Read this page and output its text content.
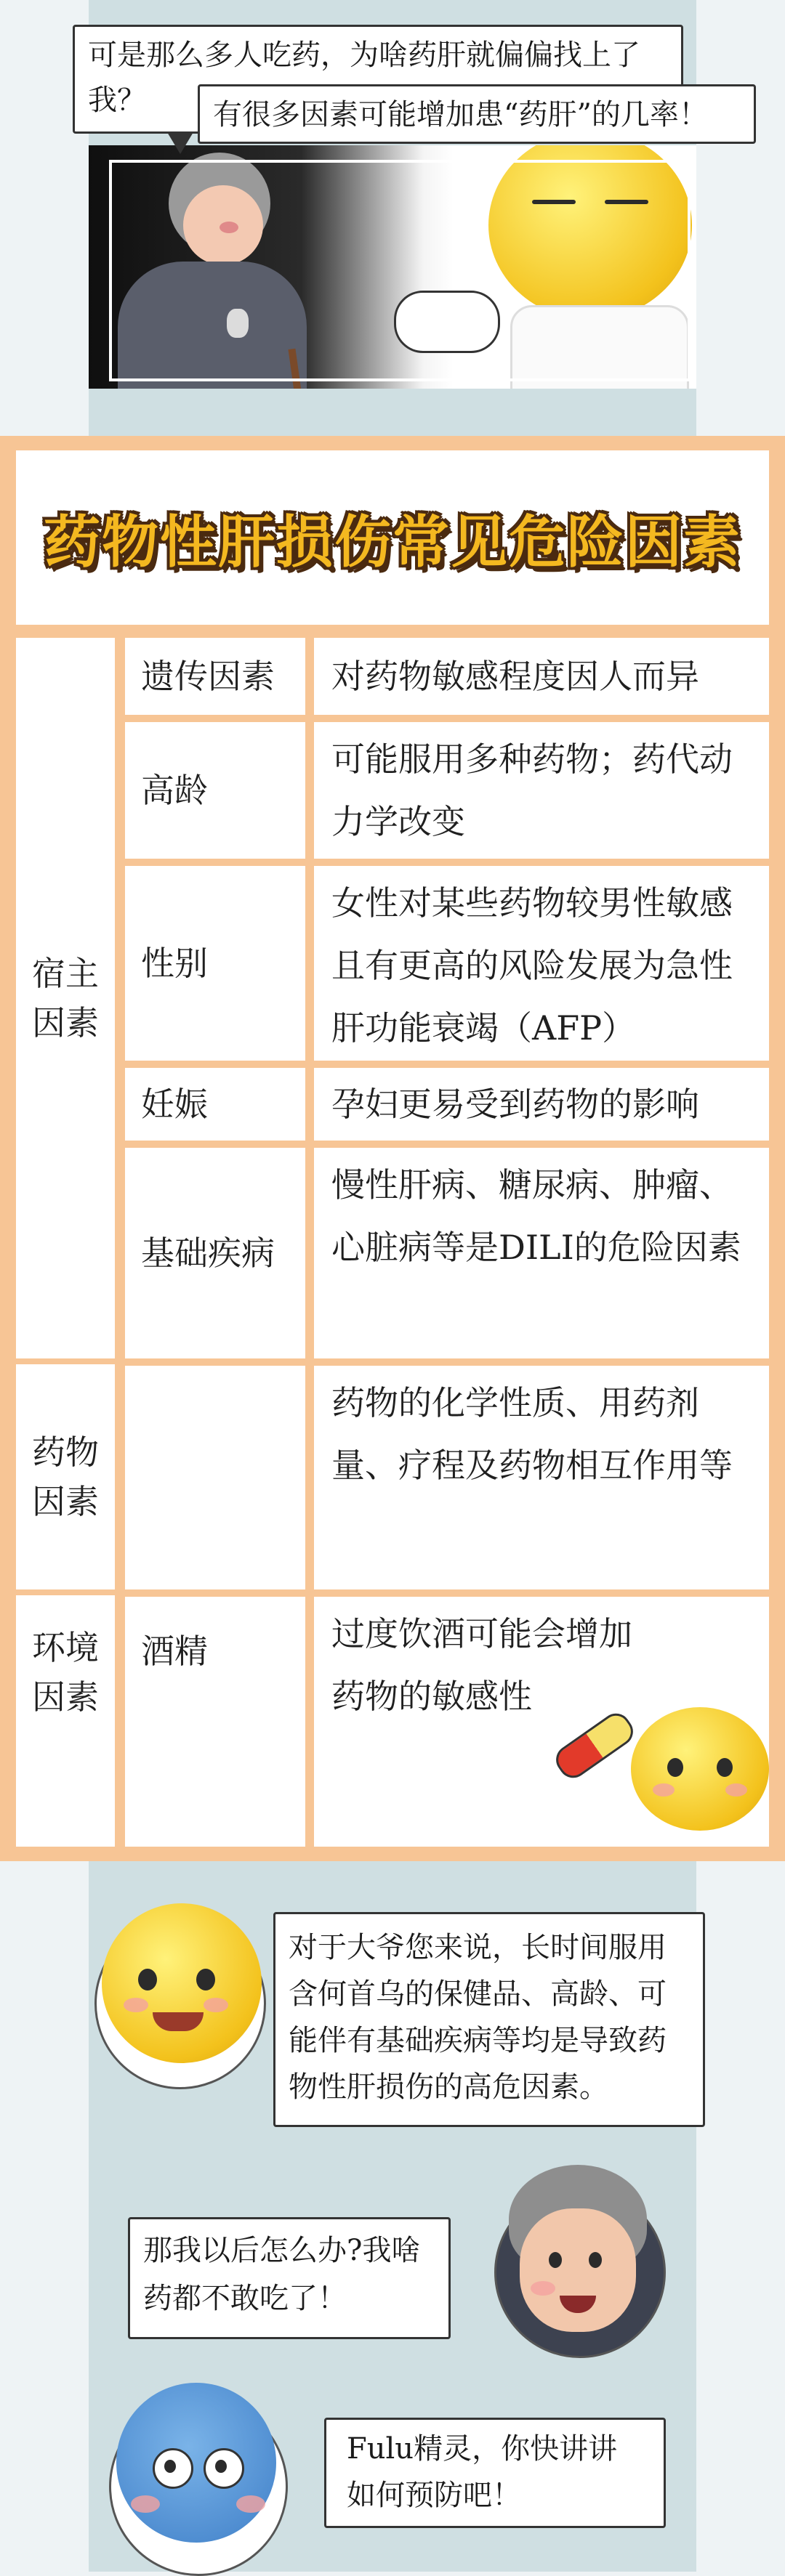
可是那么多人吃药，为啥药肝就偏偏找上了我？	有很多因素可能增加患“药肝”的几率！
药物性肝损伤常见危险因素
宿主因素
药物因素
环境因素
遗传因素
高龄
性别
妊娠
基础疾病
酒精
对药物敏感程度因人而异
可能服用多种药物；药代动力学改变
女性对某些药物较男性敏感且有更高的风险发展为急性肝功能衰竭（AFP）
孕妇更易受到药物的影响
慢性肝病、糖尿病、肿瘤、心脏病等是DILI的危险因素
药物的化学性质、用药剂量、疗程及药物相互作用等
过度饮酒可能会增加药物的敏感性
对于大爷您来说，长时间服用含何首乌的保健品、高龄、可能伴有基础疾病等均是导致药物性肝损伤的高危因素。
那我以后怎么办?我啥药都不敢吃了！
Fulu精灵，你快讲讲如何预防吧！
